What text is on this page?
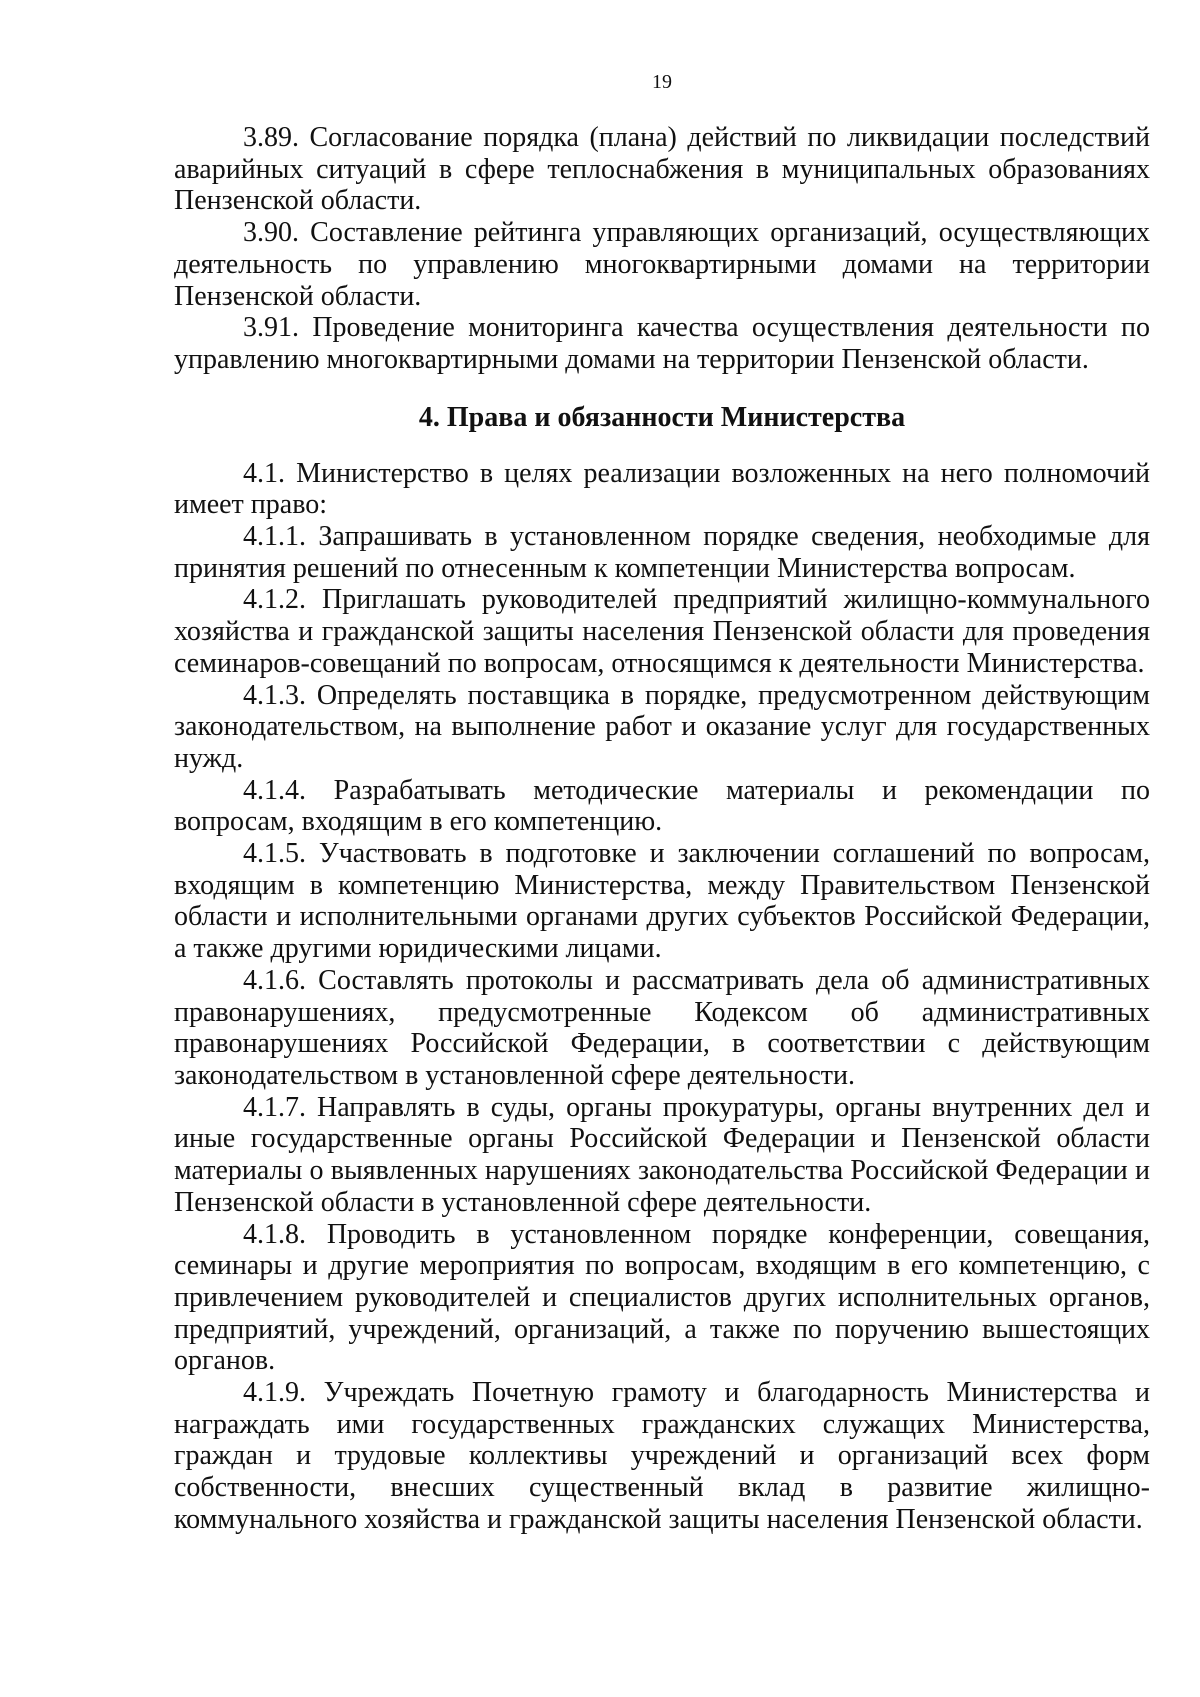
19

3.89. Согласование порядка (плана) действий по ликвидации последствий аварийных ситуаций в сфере теплоснабжения в муниципальных образованиях Пензенской области.

3.90. Составление рейтинга управляющих организаций, осуществляющих деятельность по управлению многоквартирными домами на территории Пензенской области.

3.91. Проведение мониторинга качества осуществления деятельности по управлению многоквартирными домами на территории Пензенской области.

4. Права и обязанности Министерства

4.1. Министерство в целях реализации возложенных на него полномочий имеет право:

4.1.1. Запрашивать в установленном порядке сведения, необходимые для принятия решений по отнесенным к компетенции Министерства вопросам.

4.1.2. Приглашать руководителей предприятий жилищно-коммунального хозяйства и гражданской защиты населения Пензенской области для проведения семинаров-совещаний по вопросам, относящимся к деятельности Министерства.

4.1.3. Определять поставщика в порядке, предусмотренном действующим законодательством, на выполнение работ и оказание услуг для государственных нужд.

4.1.4. Разрабатывать методические материалы и рекомендации по вопросам, входящим в его компетенцию.

4.1.5. Участвовать в подготовке и заключении соглашений по вопросам, входящим в компетенцию Министерства, между Правительством Пензенской области и исполнительными органами других субъектов Российской Федерации, а также другими юридическими лицами.

4.1.6. Составлять протоколы и рассматривать дела об административных правонарушениях, предусмотренные Кодексом об административных правонарушениях Российской Федерации, в соответствии с действующим законодательством в установленной сфере деятельности.

4.1.7. Направлять в суды, органы прокуратуры, органы внутренних дел и иные государственные органы Российской Федерации и Пензенской области материалы о выявленных нарушениях законодательства Российской Федерации и Пензенской области в установленной сфере деятельности.

4.1.8. Проводить в установленном порядке конференции, совещания, семинары и другие мероприятия по вопросам, входящим в его компетенцию, с привлечением руководителей и специалистов других исполнительных органов, предприятий, учреждений, организаций, а также по поручению вышестоящих органов.

4.1.9. Учреждать Почетную грамоту и благодарность Министерства и награждать ими государственных гражданских служащих Министерства, граждан и трудовые коллективы учреждений и организаций всех форм собственности, внесших существенный вклад в развитие жилищно-коммунального хозяйства и гражданской защиты населения Пензенской области.
